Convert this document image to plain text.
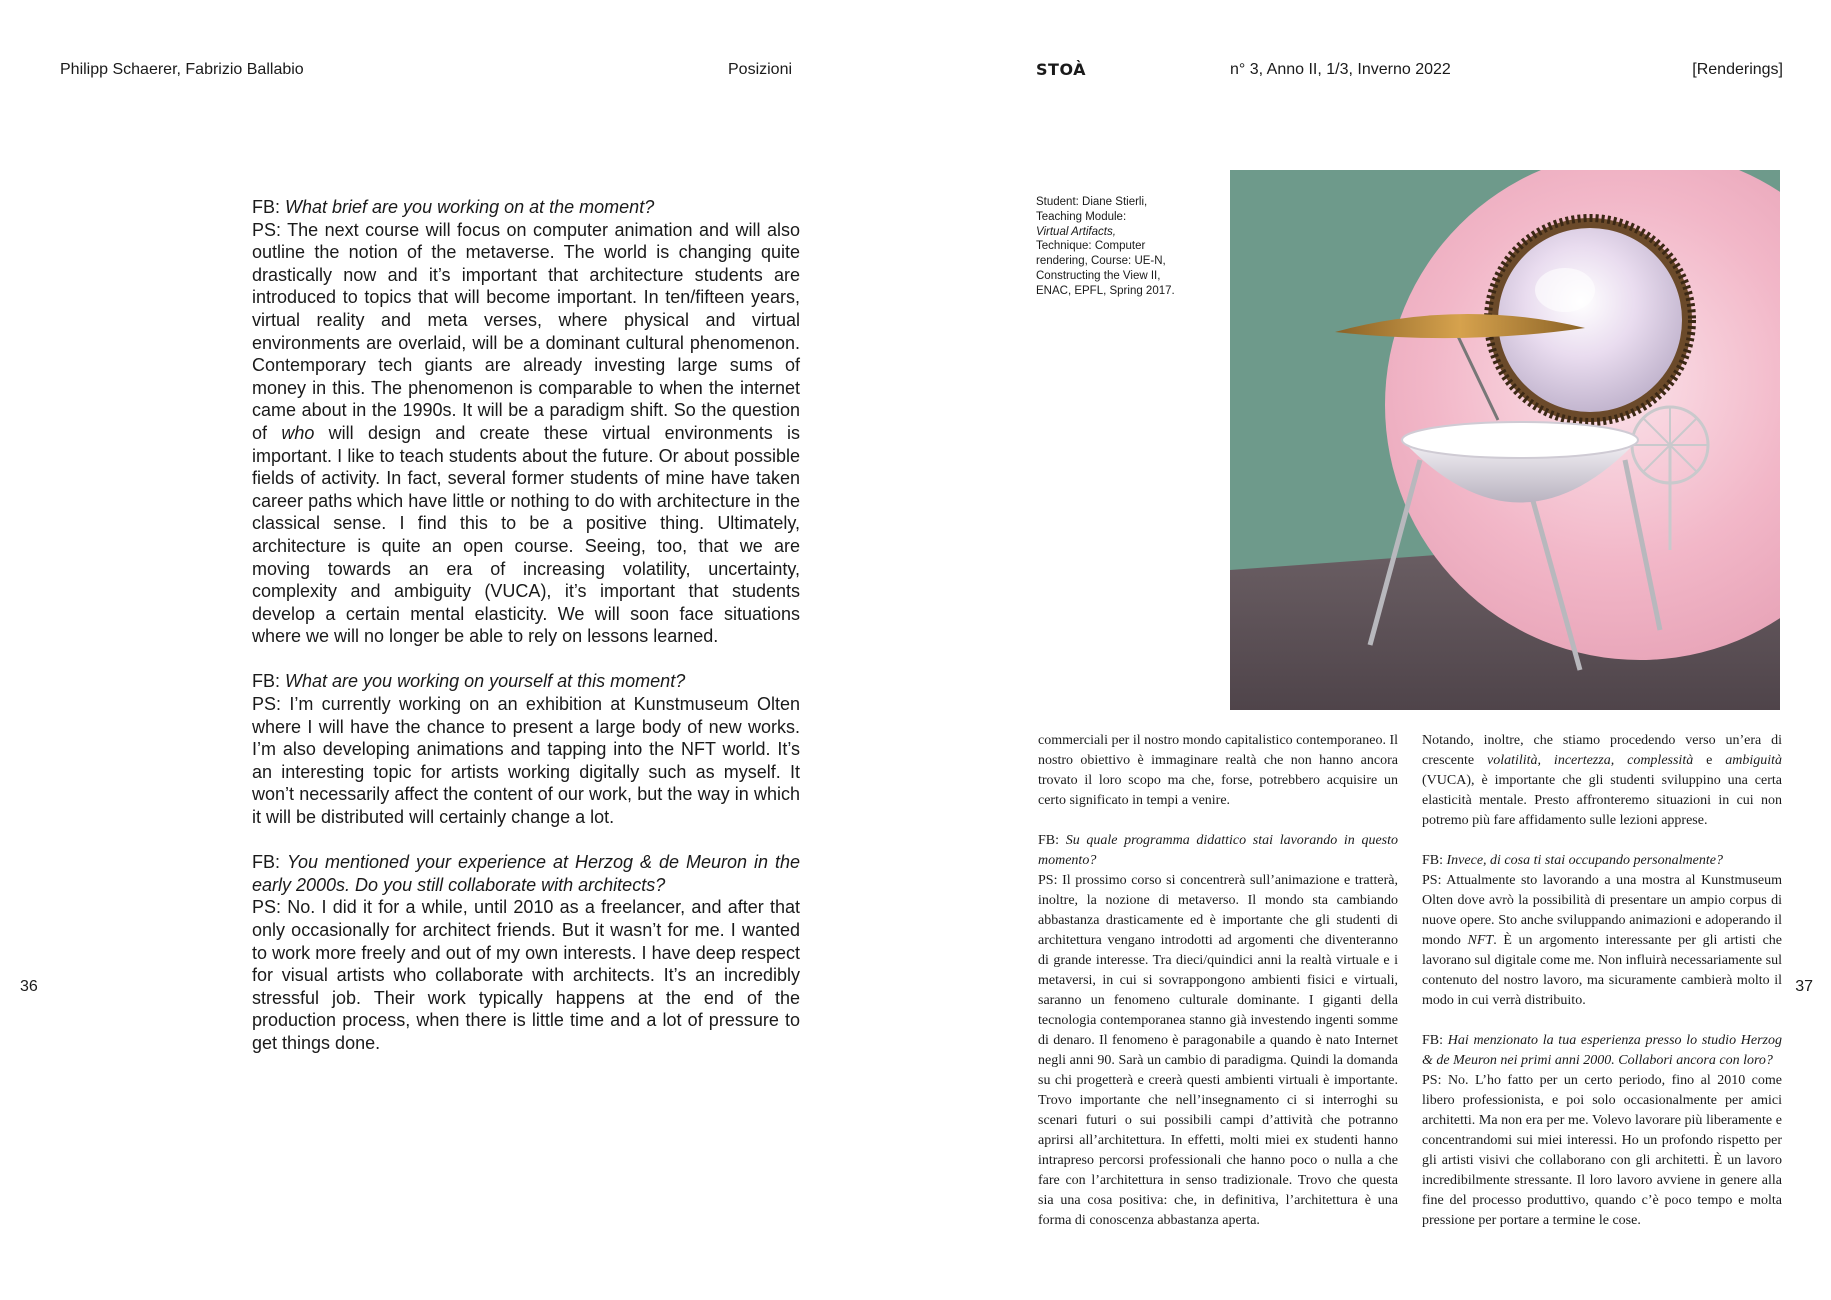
Philipp Schaerer, Fabrizio Ballabio	Posizioni	STOÀ	n° 3, Anno II, 1/3, Inverno 2022	[Renderings]
36	37

FB: What brief are you working on at the moment?
PS: The next course will focus on computer animation and will also outline the notion of the metaverse. The world is changing quite drastically now and it’s important that architecture students are introduced to topics that will become important. In ten/fifteen years, virtual reality and meta verses, where physical and virtual environments are overlaid, will be a dominant cultural phenomenon. Contemporary tech giants are already investing large sums of money in this. The phenomenon is comparable to when the internet came about in the 1990s. It will be a paradigm shift. So the question of who will design and create these virtual environments is important. I like to teach students about the future. Or about possible fields of activity. In fact, several former students of mine have taken career paths which have little or nothing to do with architecture in the classical sense. I find this to be a positive thing. Ultimately, architecture is quite an open course. Seeing, too, that we are moving towards an era of increasing volatility, uncertainty, complexity and ambiguity (VUCA), it’s important that students develop a certain mental elasticity. We will soon face situations where we will no longer be able to rely on lessons learned.

FB: What are you working on yourself at this moment?
PS: I’m currently working on an exhibition at Kunstmuseum Olten where I will have the chance to present a large body of new works. I’m also developing animations and tapping into the NFT world. It’s an interesting topic for artists working digitally such as myself. It won’t necessarily affect the content of our work, but the way in which it will be distributed will certainly change a lot.

FB: You mentioned your experience at Herzog & de Meuron in the early 2000s. Do you still collaborate with architects?
PS: No. I did it for a while, until 2010 as a freelancer, and after that only occasionally for architect friends. But it wasn’t for me. I wanted to work more freely and out of my own interests. I have deep respect for visual artists who collaborate with architects. It’s an incredibly stressful job. Their work typically happens at the end of the production process, when there is little time and a lot of pressure to get things done.

Student: Diane Stierli,
Teaching Module:
Virtual Artifacts,
Technique: Computer rendering, Course: UE-N, Constructing the View II, ENAC, EPFL, Spring 2017.

commerciali per il nostro mondo capitalistico contemporaneo. Il nostro obiettivo è immaginare realtà che non hanno ancora trovato il loro scopo ma che, forse, potrebbero acquisire un certo significato in tempi a venire.

FB: Su quale programma didattico stai lavorando in questo momento?
PS: Il prossimo corso si concentrerà sull’animazione e tratterà, inoltre, la nozione di metaverso. Il mondo sta cambiando abbastanza drasticamente ed è importante che gli studenti di architettura vengano introdotti ad argomenti che diventeranno di grande interesse. Tra dieci/quindici anni la realtà virtuale e i metaversi, in cui si sovrappongono ambienti fisici e virtuali, saranno un fenomeno culturale dominante. I giganti della tecnologia contemporanea stanno già investendo ingenti somme di denaro. Il fenomeno è paragonabile a quando è nato Internet negli anni 90. Sarà un cambio di paradigma. Quindi la domanda su chi progetterà e creerà questi ambienti virtuali è importante. Trovo importante che nell’insegnamento ci si interroghi su scenari futuri o sui possibili campi d’attività che potranno aprirsi all’architettura. In effetti, molti miei ex studenti hanno intrapreso percorsi professionali che hanno poco o nulla a che fare con l’architettura in senso tradizionale. Trovo che questa sia una cosa positiva: che, in definitiva, l’architettura è una forma di conoscenza abbastanza aperta.

Notando, inoltre, che stiamo procedendo verso un’era di crescente volatilità, incertezza, complessità e ambiguità (VUCA), è importante che gli studenti sviluppino una certa elasticità mentale. Presto affronteremo situazioni in cui non potremo più fare affidamento sulle lezioni apprese.

FB: Invece, di cosa ti stai occupando personalmente?
PS: Attualmente sto lavorando a una mostra al Kunstmuseum Olten dove avrò la possibilità di presentare un ampio corpus di nuove opere. Sto anche sviluppando animazioni e adoperando il mondo NFT. È un argomento interessante per gli artisti che lavorano sul digitale come me. Non influirà necessariamente sul contenuto del nostro lavoro, ma sicuramente cambierà molto il modo in cui verrà distribuito.

FB: Hai menzionato la tua esperienza presso lo studio Herzog & de Meuron nei primi anni 2000. Collabori ancora con loro?
PS: No. L’ho fatto per un certo periodo, fino al 2010 come libero professionista, e poi solo occasionalmente per amici architetti. Ma non era per me. Volevo lavorare più liberamente e concentrandomi sui miei interessi. Ho un profondo rispetto per gli artisti visivi che collaborano con gli architetti. È un lavoro incredibilmente stressante. Il loro lavoro avviene in genere alla fine del processo produttivo, quando c’è poco tempo e molta pressione per portare a termine le cose.
